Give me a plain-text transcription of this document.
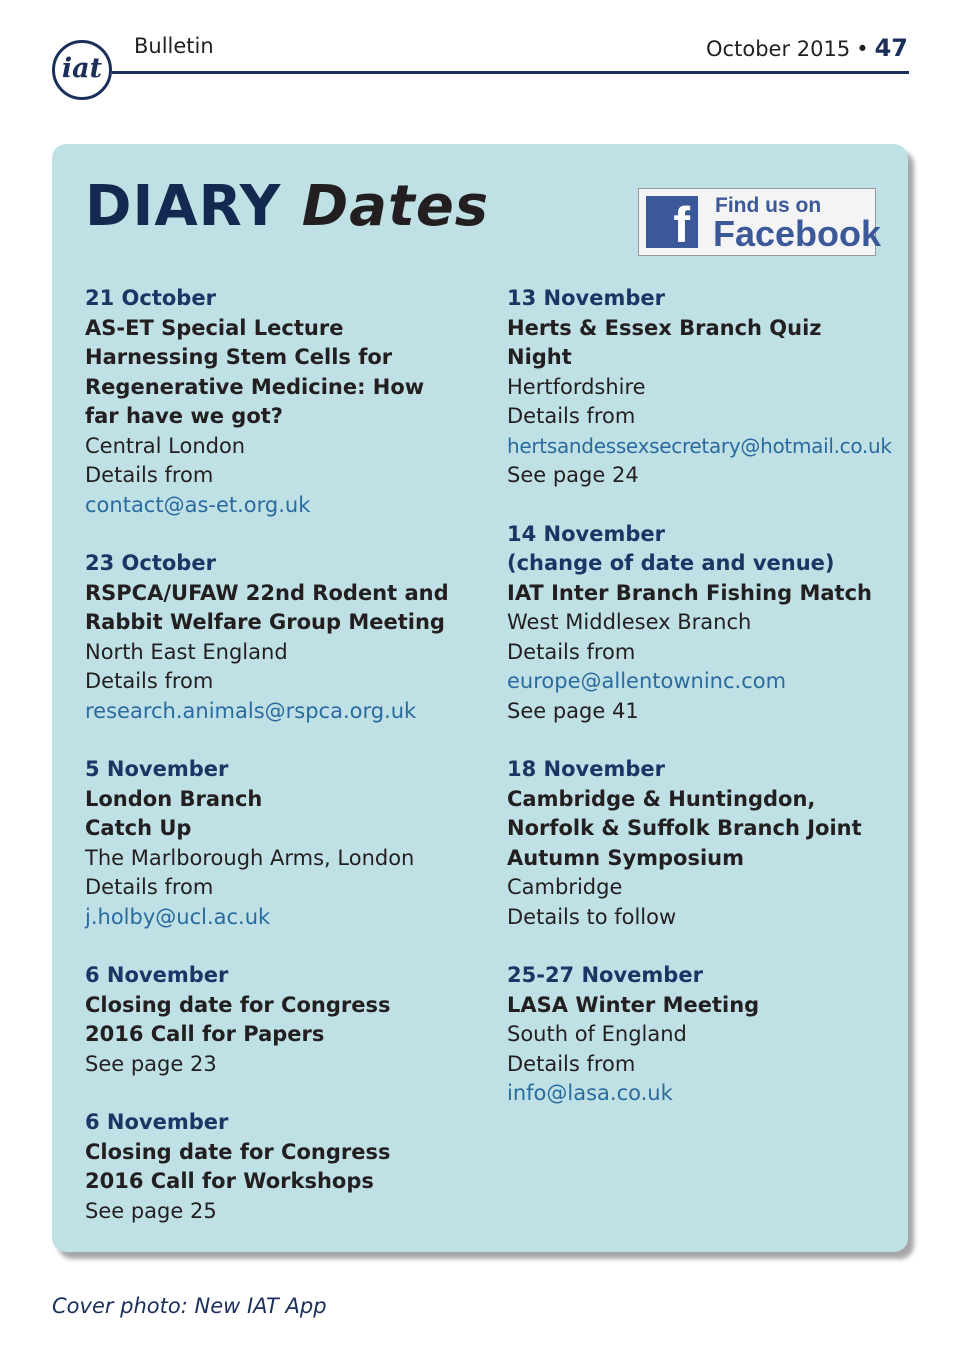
iat
Bulletin	October 2015 • 47
DIARY Dates	f Find us on
Facebook
21 October
AS-ET Special Lecture
Harnessing Stem Cells for
Regenerative Medicine: How
far have we got?
Central London
Details from
contact@as-et.org.uk
23 October
RSPCA/UFAW 22nd Rodent and
Rabbit Welfare Group Meeting
North East England
Details from
research.animals@rspca.org.uk
5 November
London Branch
Catch Up
The Marlborough Arms, London
Details from
j.holby@ucl.ac.uk
6 November
Closing date for Congress
2016 Call for Papers
See page 23
6 November
Closing date for Congress
2016 Call for Workshops
See page 25
13 November
Herts & Essex Branch Quiz
Night
Hertfordshire
Details from
hertsandessexsecretary@hotmail.co.uk
See page 24
14 November
(change of date and venue)
IAT Inter Branch Fishing Match
West Middlesex Branch
Details from
europe@allentowninc.com
See page 41
18 November
Cambridge & Huntingdon,
Norfolk & Suffolk Branch Joint
Autumn Symposium
Cambridge
Details to follow
25-27 November
LASA Winter Meeting
South of England
Details from
info@lasa.co.uk
Cover photo: New IAT App
